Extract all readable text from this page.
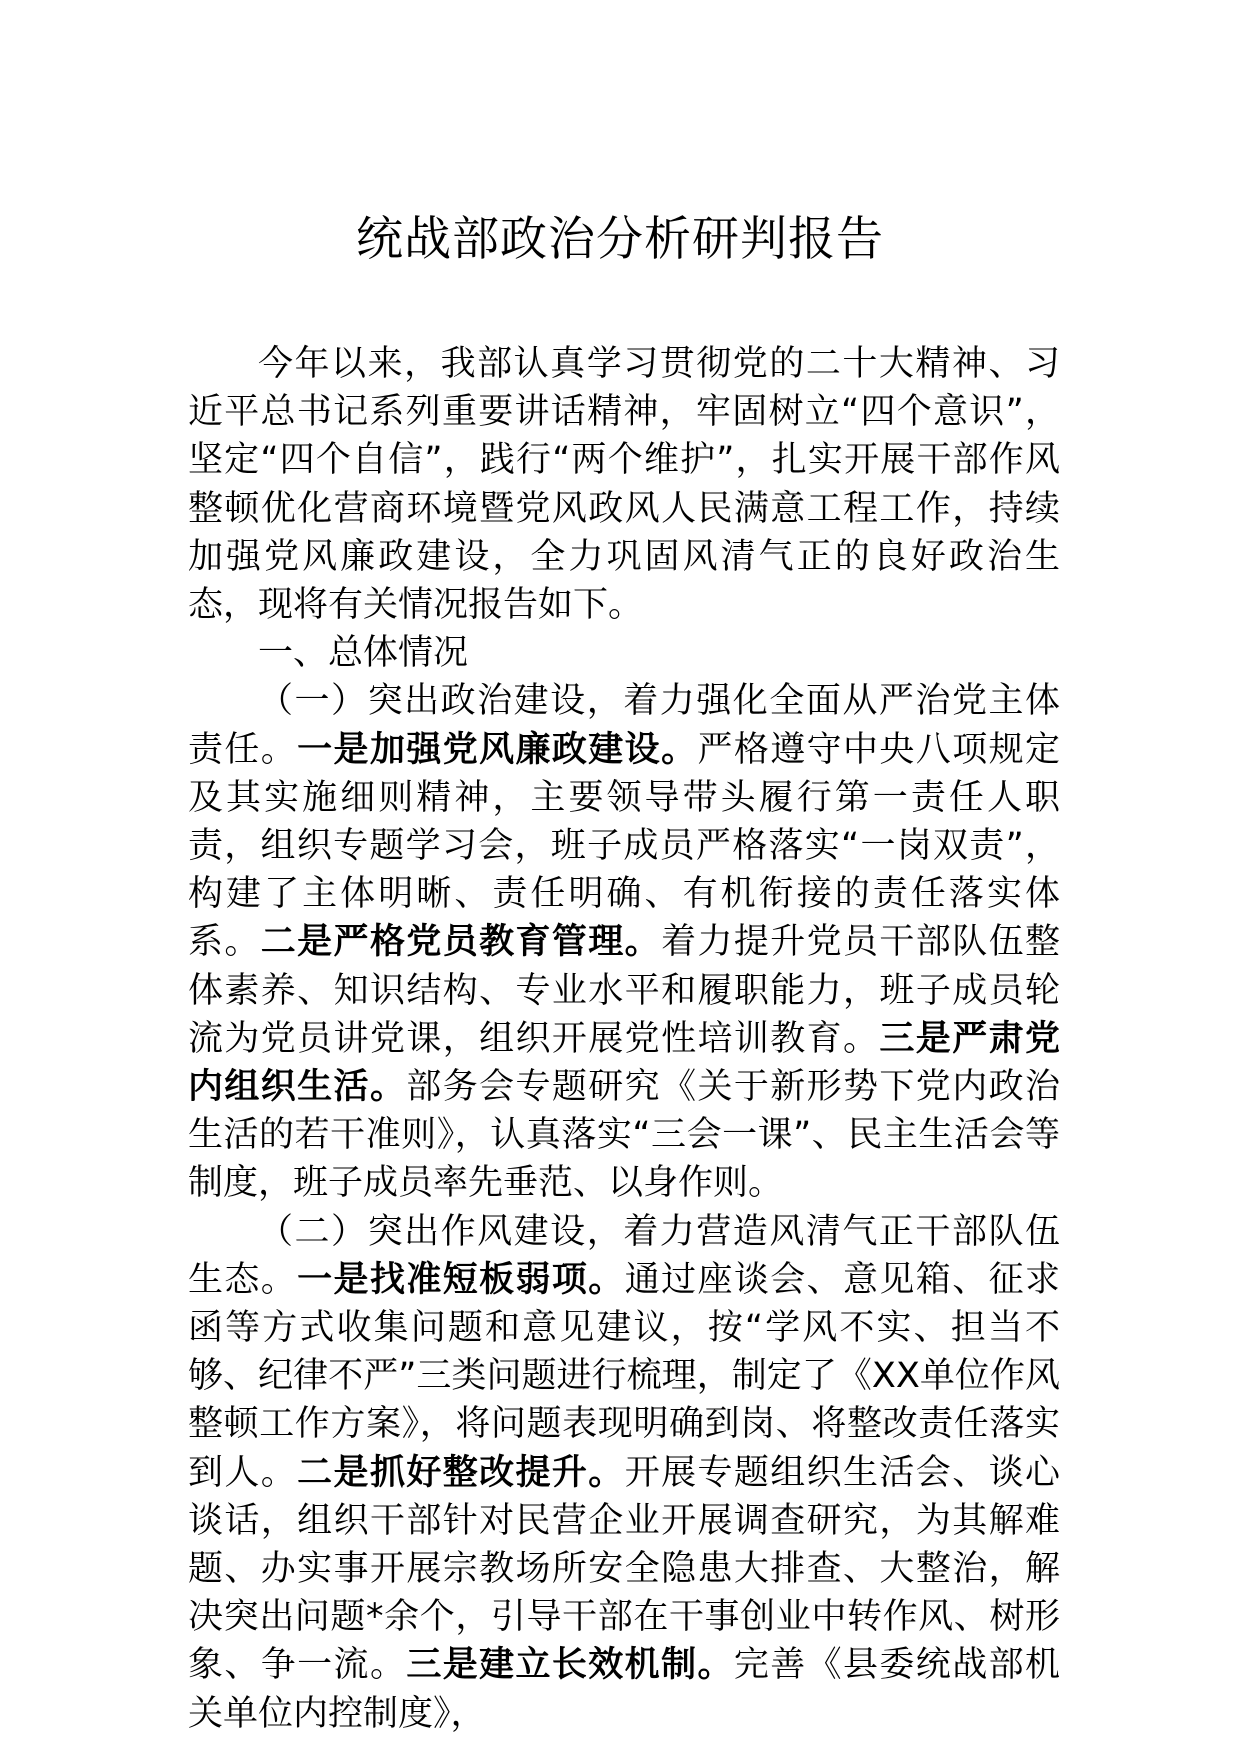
统战部政治分析研判报告

今年以来，我部认真学习贯彻党的二十大精神、习近平总书记系列重要讲话精神，牢固树立“四个意识”，坚定“四个自信”，践行“两个维护”，扎实开展干部作风整顿优化营商环境暨党风政风人民满意工程工作，持续加强党风廉政建设，全力巩固风清气正的良好政治生态，现将有关情况报告如下。

一、总体情况

（一）突出政治建设，着力强化全面从严治党主体责任。一是加强党风廉政建设。严格遵守中央八项规定及其实施细则精神，主要领导带头履行第一责任人职责，组织专题学习会，班子成员严格落实“一岗双责”，构建了主体明晰、责任明确、有机衔接的责任落实体系。二是严格党员教育管理。着力提升党员干部队伍整体素养、知识结构、专业水平和履职能力，班子成员轮流为党员讲党课，组织开展党性培训教育。三是严肃党内组织生活。部务会专题研究《关于新形势下党内政治生活的若干准则》，认真落实“三会一课”、民主生活会等制度，班子成员率先垂范、以身作则。

（二）突出作风建设，着力营造风清气正干部队伍生态。一是找准短板弱项。通过座谈会、意见箱、征求函等方式收集问题和意见建议，按“学风不实、担当不够、纪律不严”三类问题进行梳理，制定了《XX单位作风整顿工作方案》，将问题表现明确到岗、将整改责任落实到人。二是抓好整改提升。开展专题组织生活会、谈心谈话，组织干部针对民营企业开展调查研究，为其解难题、办实事开展宗教场所安全隐患大排查、大整治，解决突出问题*余个，引导干部在干事创业中转作风、树形象、争一流。三是建立长效机制。完善《县委统战部机关单位内控制度》，
